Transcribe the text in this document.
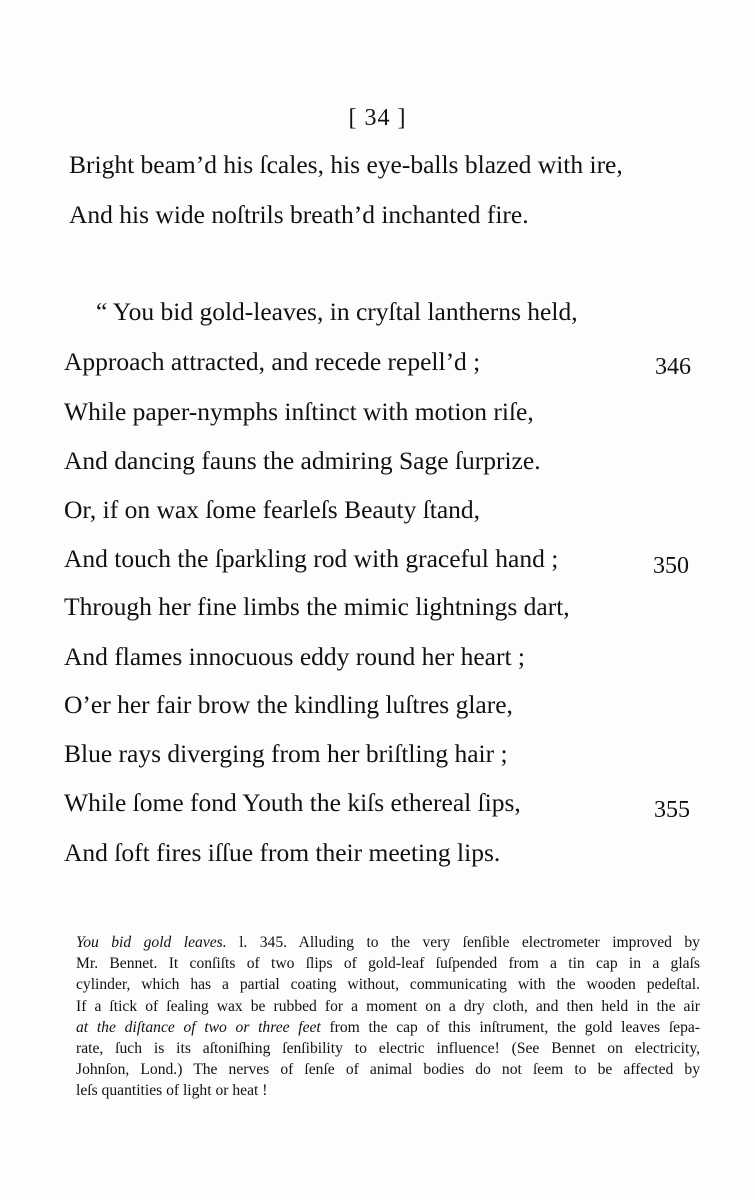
[ 34 ]
Bright beam’d his ſcales, his eye-balls blazed with ire,
And his wide noſtrils breath’d inchanted fire.
“ You bid gold-leaves, in cryſtal lantherns held,
Approach attracted, and recede repell’d ;	346
While paper-nymphs inſtinct with motion riſe,
And dancing fauns the admiring Sage ſurprize.
Or, if on wax ſome fearleſs Beauty ſtand,
And touch the ſparkling rod with graceful hand ;	350
Through her fine limbs the mimic lightnings dart,
And flames innocuous eddy round her heart ;
O’er her fair brow the kindling luſtres glare,
Blue rays diverging from her briſtling hair ;
While ſome fond Youth the kiſs ethereal ſips,	355
And ſoft fires iſſue from their meeting lips.
You bid gold leaves. l. 345. Alluding to the very ſenſible electrometer improved by
Mr. Bennet. It conſiſts of two ſlips of gold-leaf ſuſpended from a tin cap in a glaſs
cylinder, which has a partial coating without, communicating with the wooden pedeſtal.
If a ſtick of ſealing wax be rubbed for a moment on a dry cloth, and then held in the air
at the diſtance of two or three feet from the cap of this inſtrument, the gold leaves ſepa-
rate, ſuch is its aſtoniſhing ſenſibility to electric influence! (See Bennet on electricity,
Johnſon, Lond.) The nerves of ſenſe of animal bodies do not ſeem to be affected by
leſs quantities of light or heat !
